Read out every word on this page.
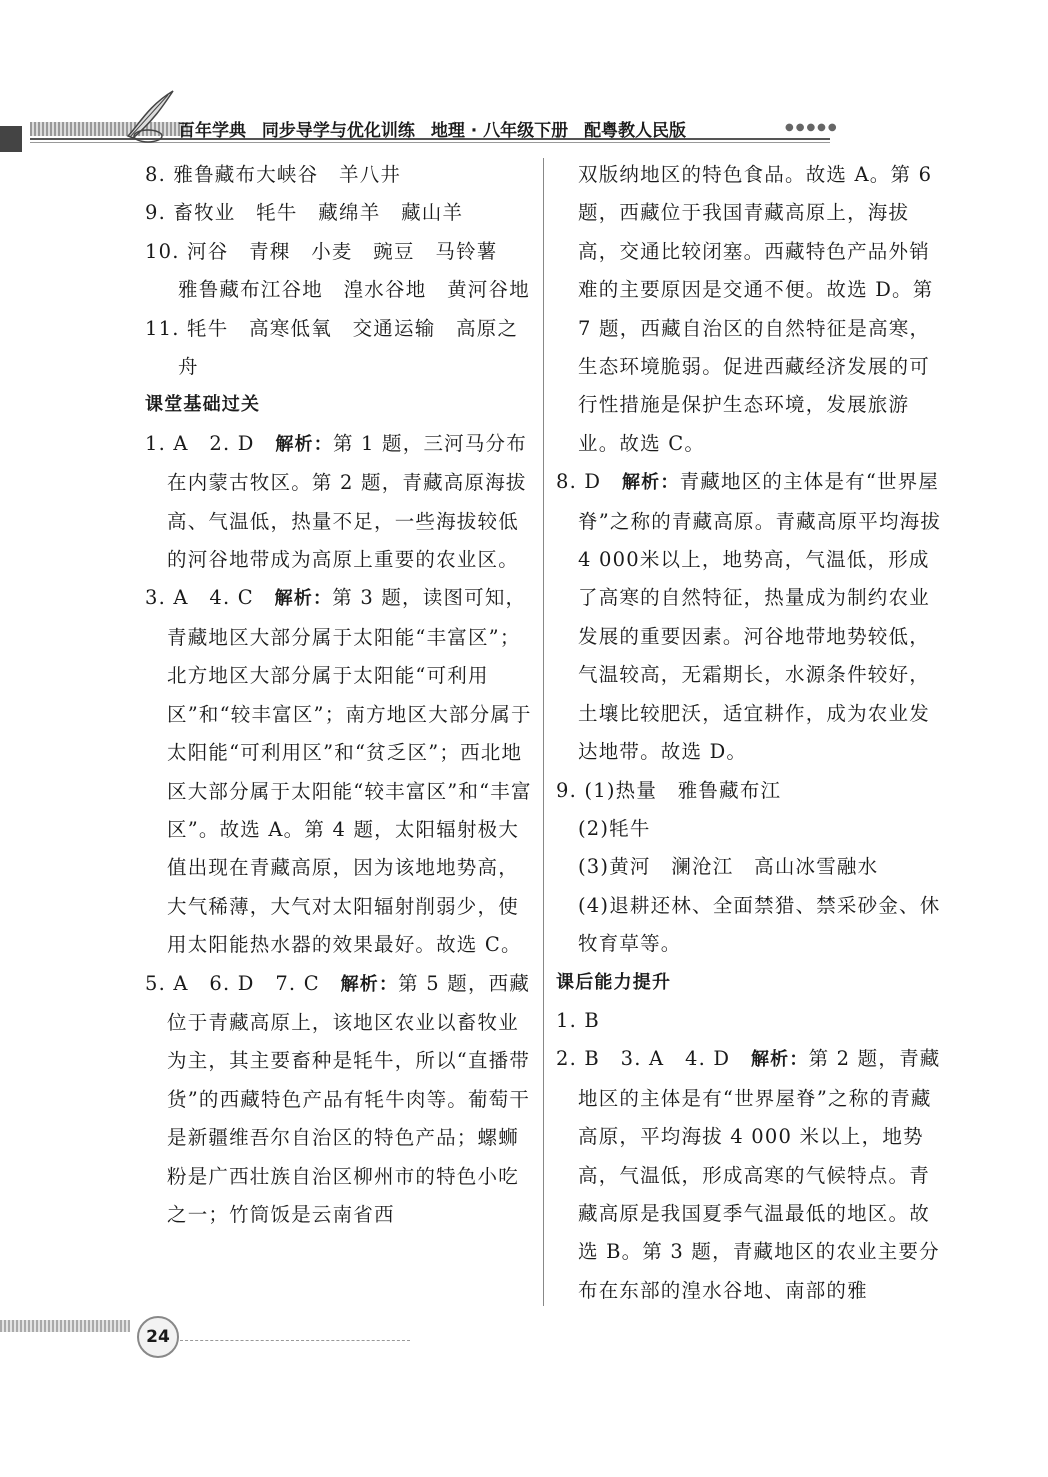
百年学典 同步导学与优化训练 地理 · 八年级下册 配粤教人民版	●●●●●

8. 雅鲁藏布大峡谷　羊八井

9. 畜牧业　牦牛　藏绵羊　藏山羊

10. 河谷　青稞　小麦　豌豆　马铃薯

雅鲁藏布江谷地　湟水谷地　黄河谷地

11. 牦牛　高寒低氧　交通运输　高原之舟

课堂基础过关

1. A　2. D　 解析：第 1 题，三河马分布在内蒙古牧区。第 2 题，青藏高原海拔高、气温低，热量不足，一些海拔较低的河谷地带成为高原上重要的农业区。

3. A　4. C　 解析：第 3 题，读图可知，青藏地区大部分属于太阳能“丰富区”；北方地区大部分属于太阳能“可利用区”和“较丰富区”；南方地区大部分属于太阳能“可利用区”和“贫乏区”；西北地区大部分属于太阳能“较丰富区”和“丰富区”。故选 A。第 4 题，太阳辐射极大值出现在青藏高原，因为该地地势高，大气稀薄，大气对太阳辐射削弱少，使用太阳能热水器的效果最好。故选 C。

5. A　6. D　7. C　 解析：第 5 题，西藏位于青藏高原上，该地区农业以畜牧业为主，其主要畜种是牦牛，所以“直播带货”的西藏特色产品有牦牛肉等。葡萄干是新疆维吾尔自治区的特色产品；螺蛳粉是广西壮族自治区柳州市的特色小吃之一；竹筒饭是云南省西

双版纳地区的特色食品。故选 A。第 6 题，西藏位于我国青藏高原上，海拔高，交通比较闭塞。西藏特色产品外销难的主要原因是交通不便。故选 D。第 7 题，西藏自治区的自然特征是高寒，生态环境脆弱。促进西藏经济发展的可行性措施是保护生态环境，发展旅游业。故选 C。

8. D　 解析：青藏地区的主体是有“世界屋脊”之称的青藏高原。青藏高原平均海拔4 000米以上，地势高，气温低，形成了高寒的自然特征，热量成为制约农业发展的重要因素。河谷地带地势较低，气温较高，无霜期长，水源条件较好，土壤比较肥沃，适宜耕作，成为农业发达地带。故选 D。

9. (1)热量　雅鲁藏布江

(2)牦牛

(3)黄河　澜沧江　高山冰雪融水

(4)退耕还林、全面禁猎、禁采砂金、休牧育草等。

课后能力提升

1. B

2. B　3. A　4. D　 解析：第 2 题，青藏地区的主体是有“世界屋脊”之称的青藏高原，平均海拔 4 000 米以上，地势高，气温低，形成高寒的气候特点。青藏高原是我国夏季气温最低的地区。故选 B。第 3 题，青藏地区的农业主要分布在东部的湟水谷地、南部的雅

24
